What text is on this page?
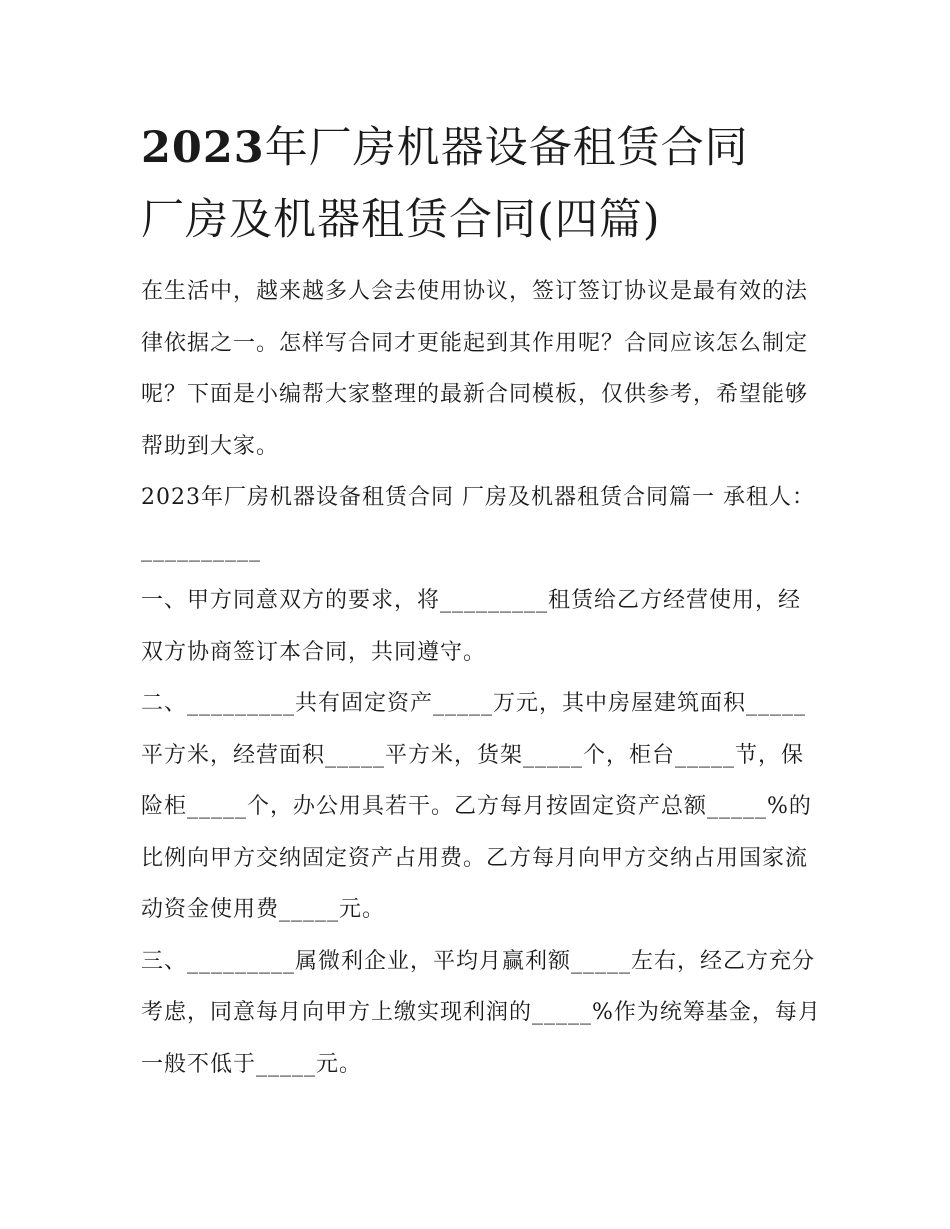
2023年厂房机器设备租赁合同
厂房及机器租赁合同(四篇)

在生活中，越来越多人会去使用协议，签订签订协议是最有效的法律依据之一。怎样写合同才更能起到其作用呢？合同应该怎么制定呢？下面是小编帮大家整理的最新合同模板，仅供参考，希望能够帮助到大家。

2023年厂房机器设备租赁合同 厂房及机器租赁合同篇一 承租人：__________

一、甲方同意双方的要求，将_________租赁给乙方经营使用，经双方协商签订本合同，共同遵守。

二、_________共有固定资产_____万元，其中房屋建筑面积_____平方米，经营面积_____平方米，货架_____个，柜台_____节，保险柜_____个，办公用具若干。乙方每月按固定资产总额_____%的比例向甲方交纳固定资产占用费。乙方每月向甲方交纳占用国家流动资金使用费_____元。

三、_________属微利企业，平均月赢利额_____左右，经乙方充分考虑，同意每月向甲方上缴实现利润的_____%作为统筹基金，每月一般不低于_____元。
